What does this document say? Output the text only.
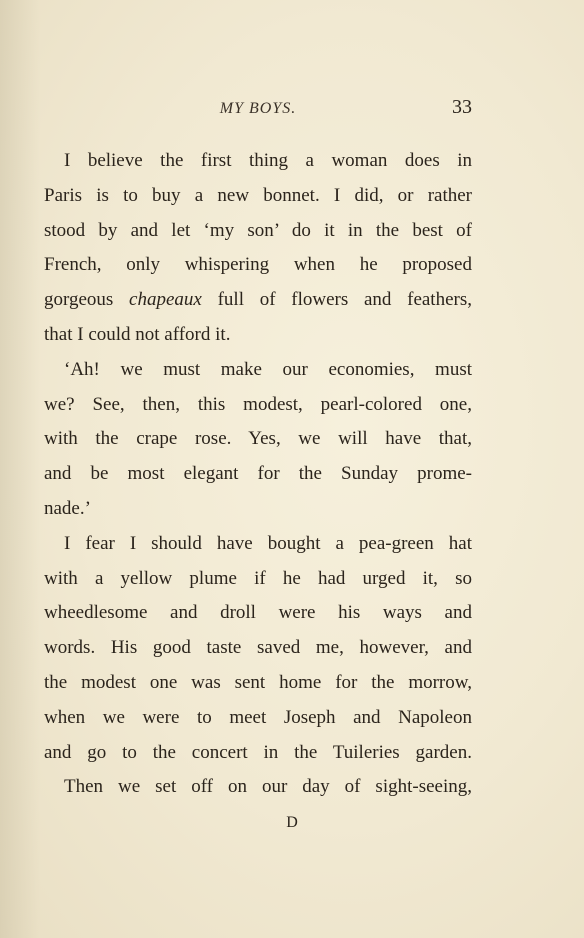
MY BOYS.	33
I believe the first thing a woman does in
Paris is to buy a new bonnet. I did, or rather
stood by and let ‘my son’ do it in the best of
French, only whispering when he proposed
gorgeous chapeaux full of flowers and feathers,
that I could not afford it.
‘Ah! we must make our economies, must
we? See, then, this modest, pearl-colored one,
with the crape rose. Yes, we will have that,
and be most elegant for the Sunday prome-
nade.’
I fear I should have bought a pea-green hat
with a yellow plume if he had urged it, so
wheedlesome and droll were his ways and
words. His good taste saved me, however, and
the modest one was sent home for the morrow,
when we were to meet Joseph and Napoleon
and go to the concert in the Tuileries garden.
Then we set off on our day of sight-seeing,
D
